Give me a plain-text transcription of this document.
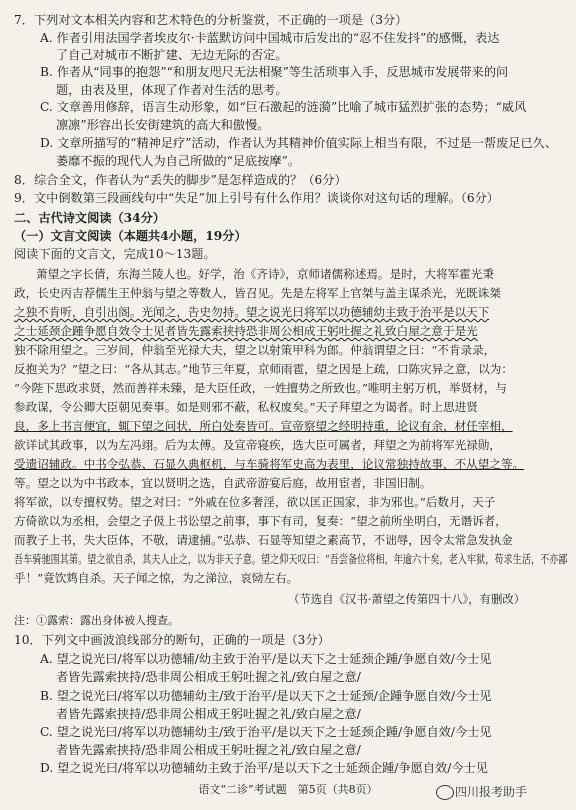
7．下列对文本相关内容和艺术特色的分析鉴赏，不正确的一项是（3分）
A. 作者引用法国学者埃皮尔·卡蓝默访问中国城市后发出的“忍不住发抖”的感慨，表达
了自己对城市不断扩建、无边无际的否定。
B. 作者从“同事的抱怨”“和朋友咫尺无法相聚”等生活琐事入手，反思城市发展带来的问
题，由表及里，体现了作者对生活的思考。
C. 文章善用修辞，语言生动形象，如“巨石激起的涟漪”比喻了城市猛烈扩张的态势；“威风
凛凛”形容出长安街建筑的高大和傲慢。
D. 文章所描写的“精神足疗”活动，作者认为其精神价值实际上相当有限，不过是一帮废足已久、
萎靡不振的现代人为自己所做的“足底按摩”。
8．综合全文，作者认为“丢失的脚步”是怎样造成的？（6分）
9．文中倒数第三段画线句中“失足”加上引号有什么作用？谈谈你对这句话的理解。（6分）
二、古代诗文阅读（34分）
（一）文言文阅读（本题共4小题，19分）
阅读下面的文言文，完成10～13题。
萧望之字长倩，东海兰陵人也。好学，治《齐诗》，京师诸儒称述焉。是时，大将军霍光秉
政，长史丙吉荐儒生王仲翁与望之等数人，皆召见。先是左将军上官桀与盖主谋杀光，光既诛桀
之独不肯听，自引出阁。光闻之，告史勿持。望之说光曰将军以功德辅幼主致于治平是以天下
之士延颈企踵争愿自效令士见者皆先露索挟持恐非周公相成王躬吐握之礼致白屋之意于是光
独不除用望之。三岁间，仲翁至光禄大夫，望之以射策甲科为郎。仲翁谓望之曰：“不肯录录，
反抱关为？”望之曰：“各从其志。”地节三年夏，京师雨雹，望之因是上疏，口陈灾异之意，以为：
“今陛下思政求贤，然而善祥未臻，是大臣任政，一姓擅势之所致也。”唯明主躬万机，举贤材，与
参政谋，令公卿大臣朝见奏事。如是则邪不蔽，私权废矣。”天子拜望之为谒者。时上思进贤
良，多上书言便宜，辄下望之问状，所白处奏皆可。宣帝察望之经明持重，论议有余，材任宰相，
欲详试其政事，以为左冯翊。后为太傅。及宣帝寝疾，选大臣可属者，拜望之为前将军光禄勋，
受遗诏辅政。中书令弘恭、石显久典枢机，与车骑将军史高为表里，论议常独持故事，不从望之等。
等。望之以为中书政本，宜以贤明之选，自武帝游宴后庭，故用宦者，非国旧制。
将军欲，以专擅权势。望之对曰：“外戚在位多奢淫，欲以匡正国家，非为邪也。”后数月，天子
方倚欲以为丞相，会望之子伋上书讼望之前事，事下有司，复奏：“望之前所坐明白，无谮诉者，
而教子上书，失大臣体，不敬，请逮捕。”弘恭、石显等知望之素高节，不诎辱，因令太常急发执金
吾车骑驰围其第。望之欲自杀，其夫人止之，以为非天子意。望之仰天叹曰：“吾尝备位将相，年逾六十矣，老入牢狱，苟求生活，不亦鄙
乎！”竟饮鸩自杀。天子闻之惊，为之涕泣，哀恸左右。
（节选自《汉书·萧望之传第四十八》，有删改）
注：①露索：露出身体被人搜查。
10．下列文中画波浪线部分的断句，正确的一项是（3分）
A. 望之说光曰/将军以功德辅/幼主致于治平/是以天下之士延颈企踵/争愿自效/今士见
者皆先露索挟持/恐非周公相成王躬吐握之礼/致白屋之意/
B. 望之说光曰/将军以功德辅幼主/致于治平/是以天下之士延颈/企踵争愿自效/今士见
者皆先露索挟持/恐非周公相成王躬吐握之礼/致白屋之意/
C. 望之说光曰/将军以功德辅幼主/致于治平/是以天下之士延颈企踵/争愿自效/今士见
者皆先露索挟持/恐非周公相成王躬吐握之礼/致白屋之意/
D. 望之说光曰/将军以功德辅幼主致于治平/是以天下之士延颈企踵/争愿自效/今士见
语文“二诊”考试题　第5页（共8页）	四川报考助手
